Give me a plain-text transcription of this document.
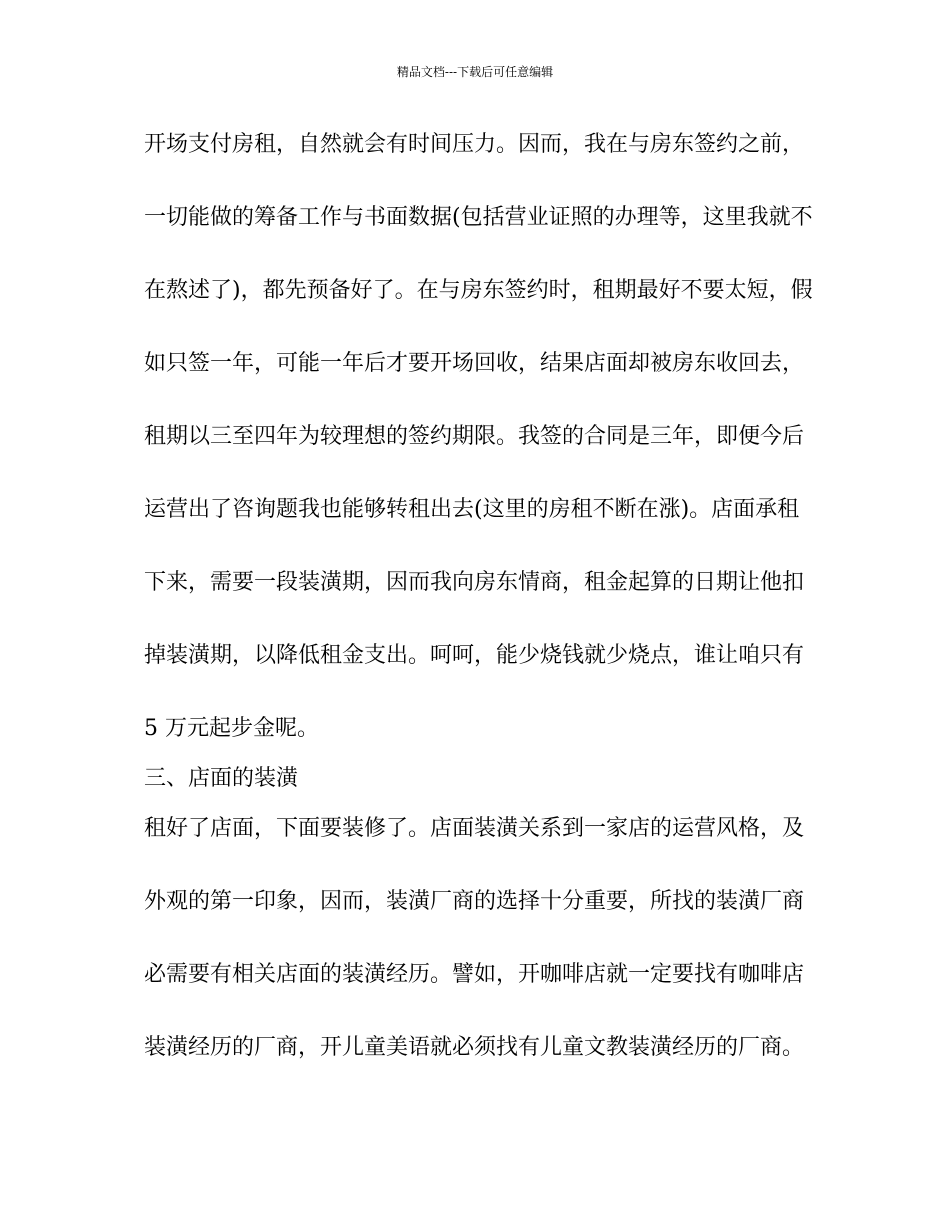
精品文档---下载后可任意编辑
开场支付房租，自然就会有时间压力。因而，我在与房东签约之前，
一切能做的筹备工作与书面数据(包括营业证照的办理等，这里我就不
在熬述了)，都先预备好了。在与房东签约时，租期最好不要太短，假
如只签一年，可能一年后才要开场回收，结果店面却被房东收回去，
租期以三至四年为较理想的签约期限。我签的合同是三年，即便今后
运营出了咨询题我也能够转租出去(这里的房租不断在涨)。店面承租
下来，需要一段装潢期，因而我向房东情商，租金起算的日期让他扣
掉装潢期，以降低租金支出。呵呵，能少烧钱就少烧点，谁让咱只有
5 万元起步金呢。
三、店面的装潢
租好了店面，下面要装修了。店面装潢关系到一家店的运营风格，及
外观的第一印象，因而，装潢厂商的选择十分重要，所找的装潢厂商
必需要有相关店面的装潢经历。譬如，开咖啡店就一定要找有咖啡店
装潢经历的厂商，开儿童美语就必须找有儿童文教装潢经历的厂商。
